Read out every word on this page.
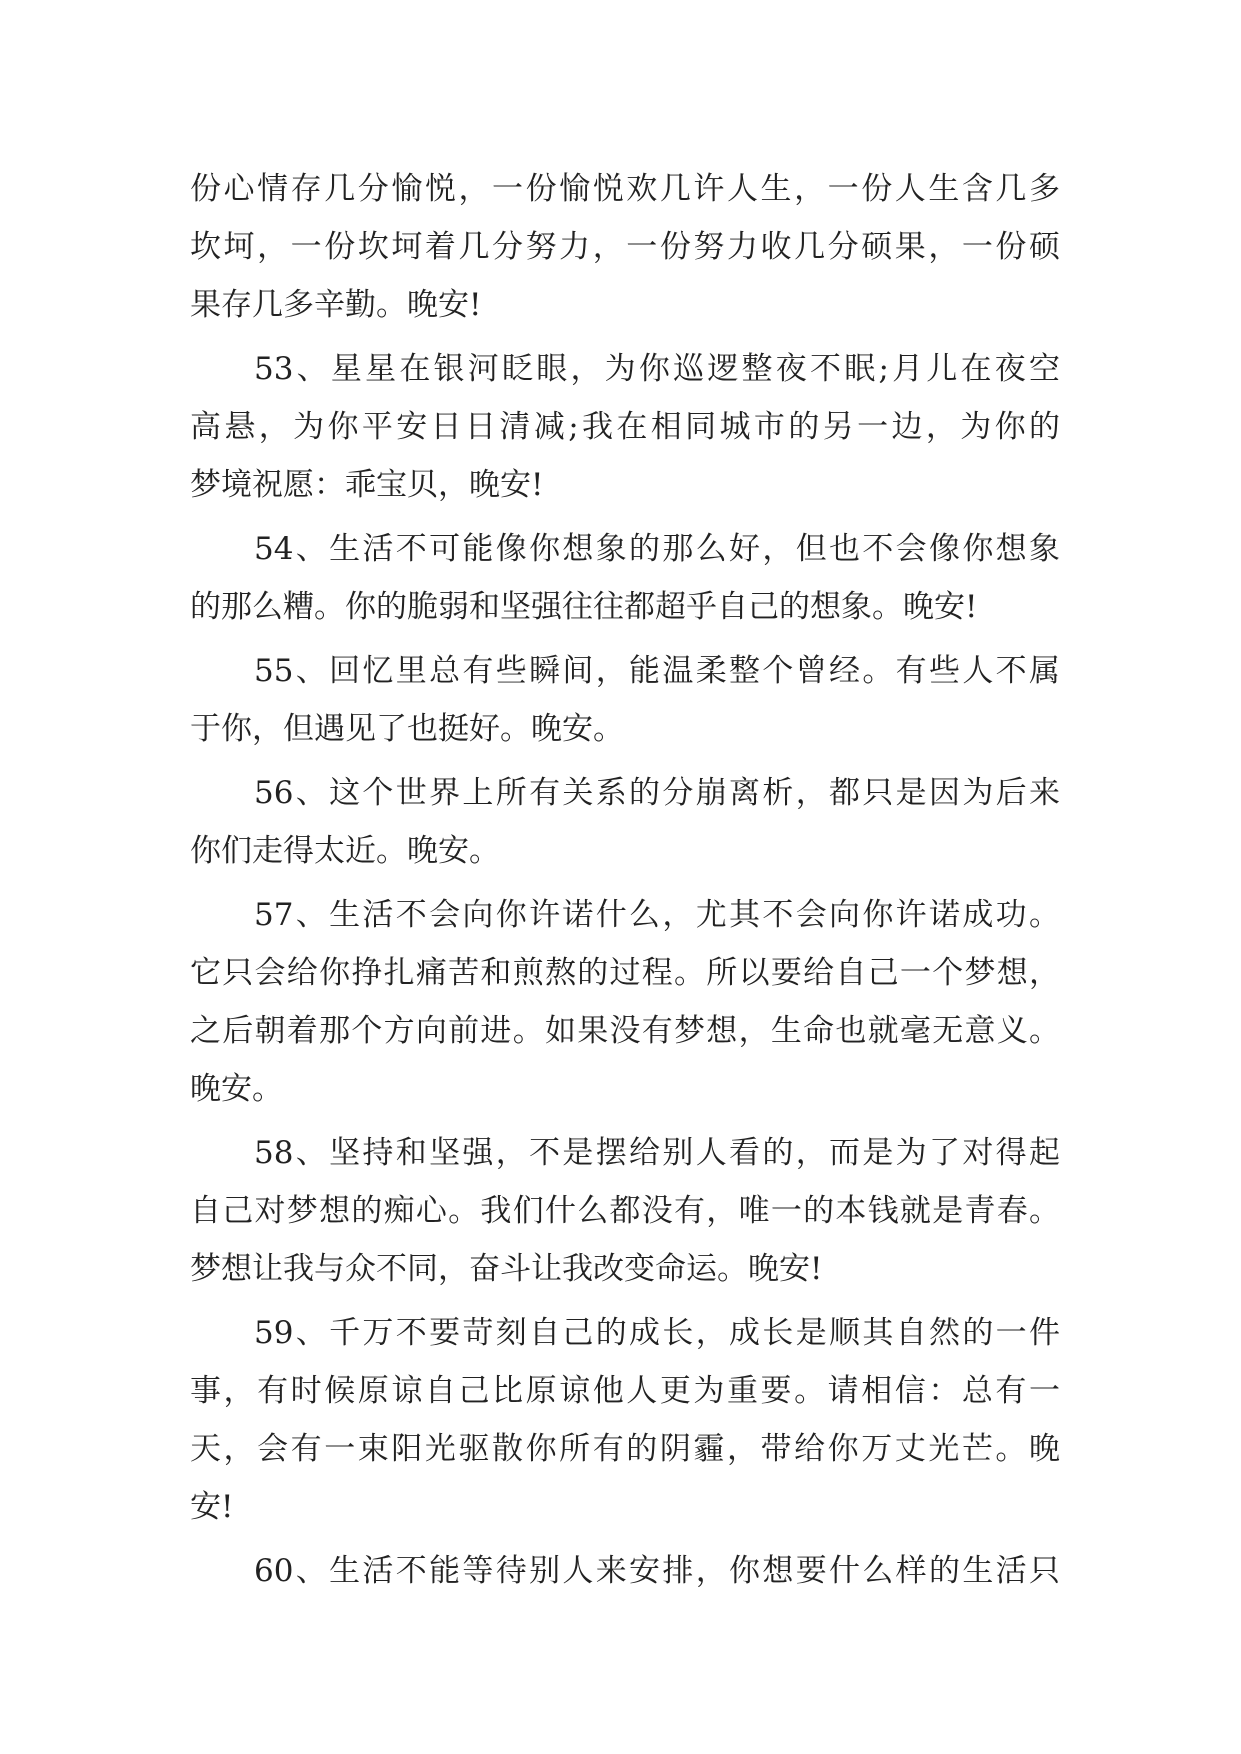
份心情存几分愉悦，一份愉悦欢几许人生，一份人生含几多
坎坷，一份坎坷着几分努力，一份努力收几分硕果，一份硕
果存几多辛勤。晚安!
53、星星在银河眨眼，为你巡逻整夜不眠;月儿在夜空
高悬，为你平安日日清减;我在相同城市的另一边，为你的
梦境祝愿：乖宝贝，晚安!
54、生活不可能像你想象的那么好，但也不会像你想象
的那么糟。你的脆弱和坚强往往都超乎自己的想象。晚安!
55、回忆里总有些瞬间，能温柔整个曾经。有些人不属
于你，但遇见了也挺好。晚安。
56、这个世界上所有关系的分崩离析，都只是因为后来
你们走得太近。晚安。
57、生活不会向你许诺什么，尤其不会向你许诺成功。
它只会给你挣扎痛苦和煎熬的过程。所以要给自己一个梦想，
之后朝着那个方向前进。如果没有梦想，生命也就毫无意义。
晚安。
58、坚持和坚强，不是摆给别人看的，而是为了对得起
自己对梦想的痴心。我们什么都没有，唯一的本钱就是青春。
梦想让我与众不同，奋斗让我改变命运。晚安!
59、千万不要苛刻自己的成长，成长是顺其自然的一件
事，有时候原谅自己比原谅他人更为重要。请相信：总有一
天，会有一束阳光驱散你所有的阴霾，带给你万丈光芒。晚
安!
60、生活不能等待别人来安排，你想要什么样的生活只
